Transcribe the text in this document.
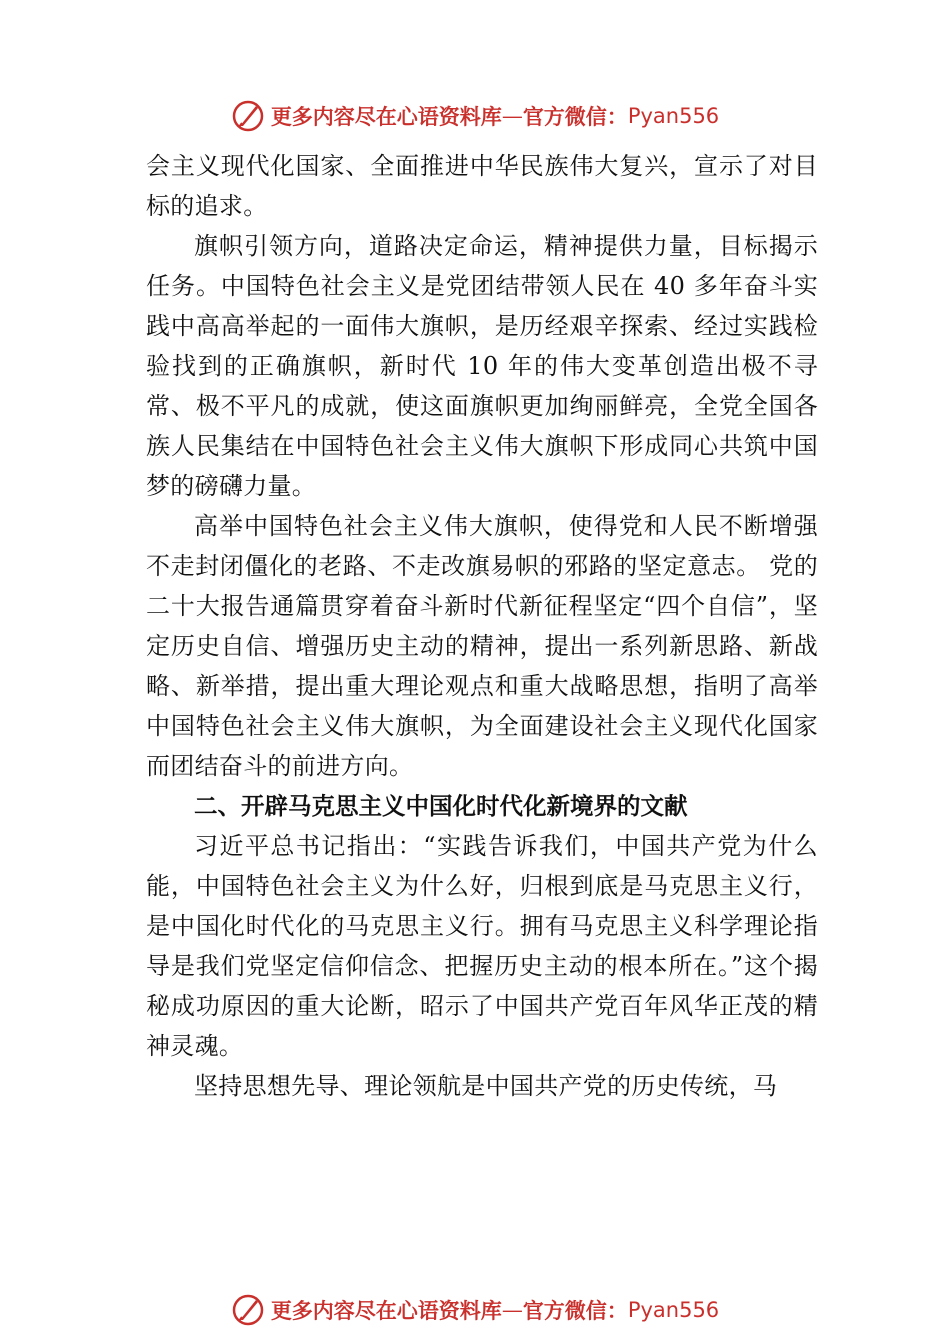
更多内容尽在心语资料库 — 官方微信： Pyan556

会主义现代化国家、全面推进中华民族伟大复兴，宣示了对目标的追求。

旗帜引领方向，道路决定命运，精神提供力量，目标揭示任务。中国特色社会主义是党团结带领人民在 40 多年奋斗实践中高高举起的一面伟大旗帜，是历经艰辛探索、经过实践检验找到的正确旗帜，新时代 10 年的伟大变革创造出极不寻常、极不平凡的成就，使这面旗帜更加绚丽鲜亮，全党全国各族人民集结在中国特色社会主义伟大旗帜下形成同心共筑中国梦的磅礴力量。

高举中国特色社会主义伟大旗帜，使得党和人民不断增强不走封闭僵化的老路、不走改旗易帜的邪路的坚定意志。 党的二十大报告通篇贯穿着奋斗新时代新征程坚定“四个自信”，坚定历史自信、增强历史主动的精神，提出一系列新思路、新战略、新举措，提出重大理论观点和重大战略思想，指明了高举中国特色社会主义伟大旗帜，为全面建设社会主义现代化国家而团结奋斗的前进方向。

二、开辟马克思主义中国化时代化新境界的文献

习近平总书记指出：“实践告诉我们，中国共产党为什么能，中国特色社会主义为什么好，归根到底是马克思主义行，是中国化时代化的马克思主义行。拥有马克思主义科学理论指导是我们党坚定信仰信念、把握历史主动的根本所在。”这个揭秘成功原因的重大论断，昭示了中国共产党百年风华正茂的精神灵魂。

坚持思想先导、理论领航是中国共产党的历史传统，马

更多内容尽在心语资料库 — 官方微信： Pyan556
